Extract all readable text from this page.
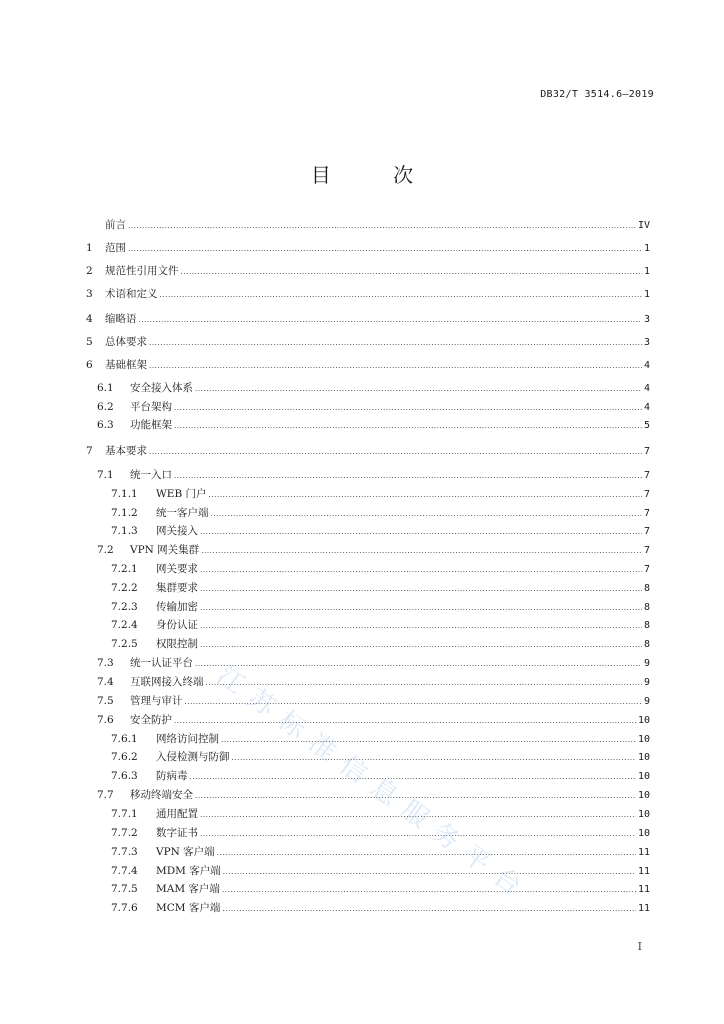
DB32/T 3514.6—2019
目 次
前言 .....	IV
1	范围 .....	1
2	规范性引用文件 .....	1
3	术语和定义 .....	1
4	缩略语 .....	3
5	总体要求 .....	3
6	基础框架 .....	4
6.1	安全接入体系 .....	4
6.2	平台架构 .....	4
6.3	功能框架 .....	5
7	基本要求 .....	7
7.1	统一入口 .....	7
7.1.1	WEB 门户 .....	7
7.1.2	统一客户端 .....	7
7.1.3	网关接入 .....	7
7.2	VPN 网关集群 .....	7
7.2.1	网关要求 .....	7
7.2.2	集群要求 .....	8
7.2.3	传输加密 .....	8
7.2.4	身份认证 .....	8
7.2.5	权限控制 .....	8
7.3	统一认证平台 .....	9
7.4	互联网接入终端 .....	9
7.5	管理与审计 .....	9
7.6	安全防护 .....	10
7.6.1	网络访问控制 .....	10
7.6.2	入侵检测与防御 .....	10
7.6.3	防病毒 .....	10
7.7	移动终端安全 .....	10
7.7.1	通用配置 .....	10
7.7.2	数字证书 .....	10
7.7.3	VPN 客户端 .....	11
7.7.4	MDM 客户端 .....	11
7.7.5	MAM 客户端 .....	11
7.7.6	MCM 客户端 .....	11
江苏标准信息服务平台
I
